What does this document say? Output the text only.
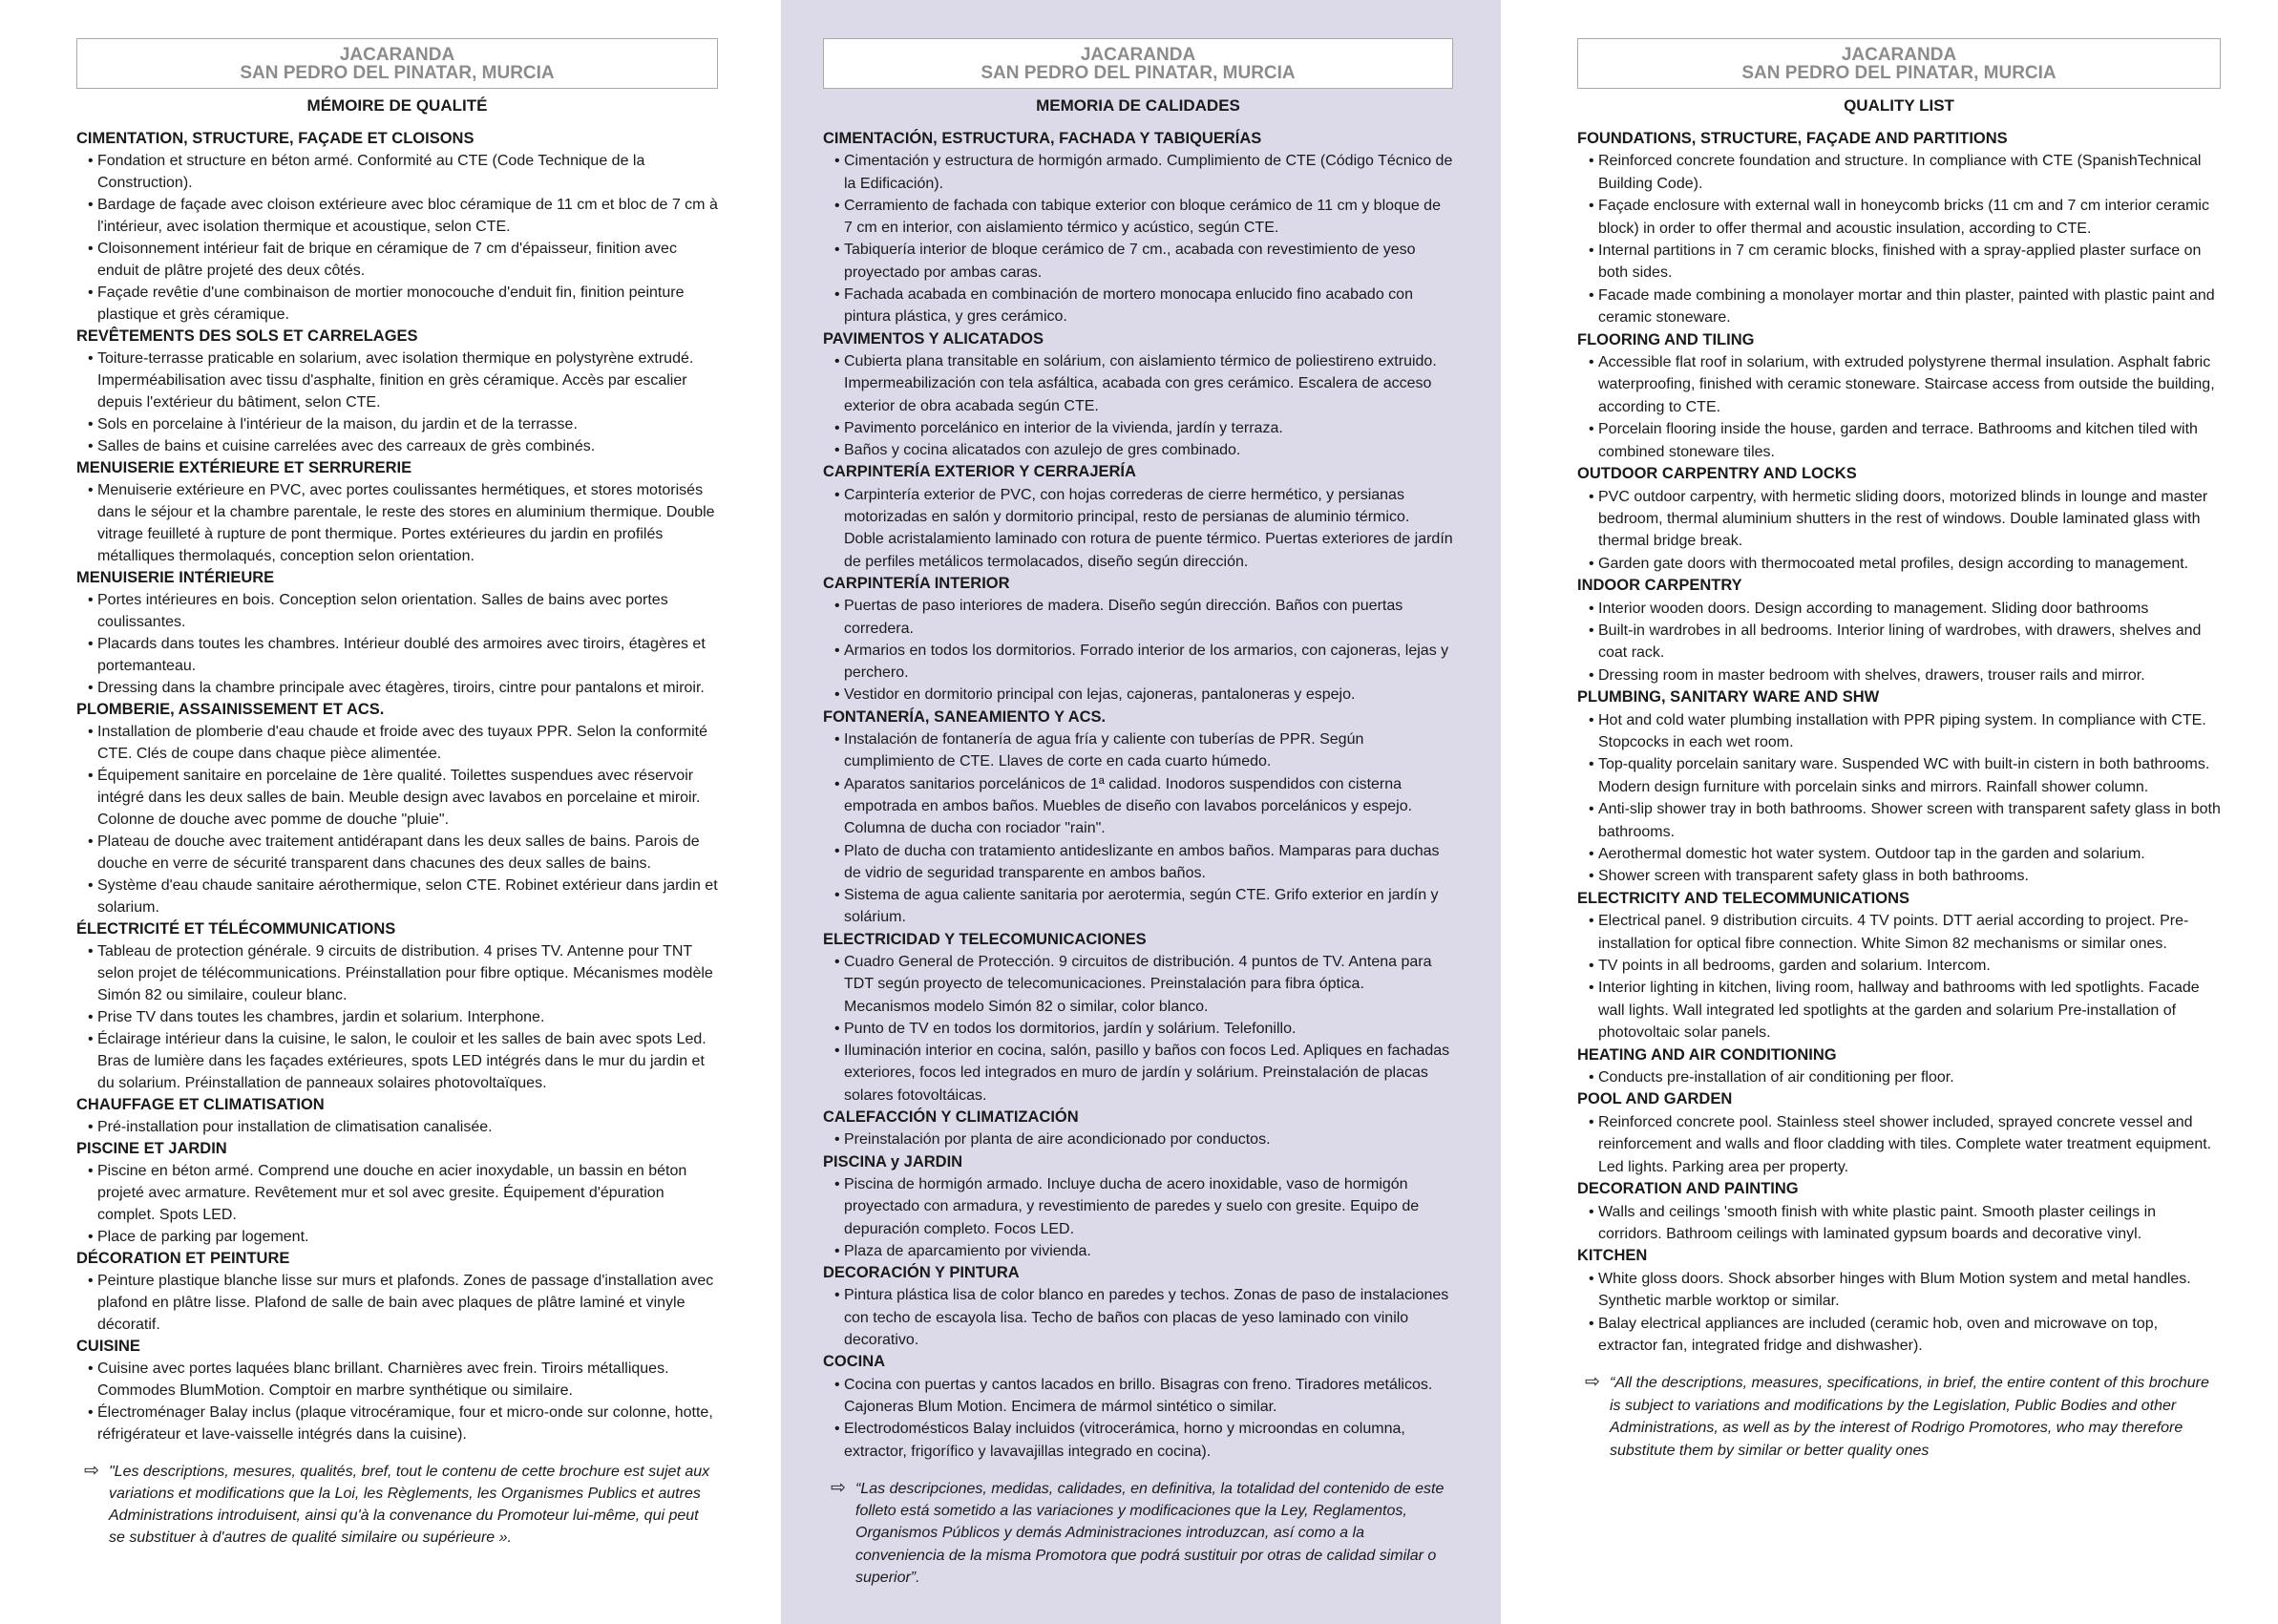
JACARANDA
SAN PEDRO DEL PINATAR, MURCIA
MÉMOIRE DE QUALITÉ
CIMENTATION, STRUCTURE, FAÇADE ET CLOISONS
• Fondation et structure en béton armé. Conformité au CTE (Code Technique de la Construction).
• Bardage de façade avec cloison extérieure avec bloc céramique de 11 cm et bloc de 7 cm à l'intérieur, avec isolation thermique et acoustique, selon CTE.
• Cloisonnement intérieur fait de brique en céramique de 7 cm d'épaisseur, finition avec enduit de plâtre projeté des deux côtés.
• Façade revêtie d'une combinaison de mortier monocouche d'enduit fin, finition peinture plastique et grès céramique.
REVÊTEMENTS DES SOLS ET CARRELAGES
• Toiture-terrasse praticable en solarium, avec isolation thermique en polystyrène extrudé. Imperméabilisation avec tissu d'asphalte, finition en grès céramique. Accès par escalier depuis l'extérieur du bâtiment, selon CTE.
• Sols en porcelaine à l'intérieur de la maison, du jardin et de la terrasse.
• Salles de bains et cuisine carrelées avec des carreaux de grès combinés.
MENUISERIE EXTÉRIEURE ET SERRURERIE
• Menuiserie extérieure en PVC, avec portes coulissantes hermétiques, et stores motorisés dans le séjour et la chambre parentale, le reste des stores en aluminium thermique. Double vitrage feuilleté à rupture de pont thermique. Portes extérieures du jardin en profilés métalliques thermolaqués, conception selon orientation.
MENUISERIE INTÉRIEURE
• Portes intérieures en bois. Conception selon orientation. Salles de bains avec portes coulissantes.
• Placards dans toutes les chambres. Intérieur doublé des armoires avec tiroirs, étagères et portemanteau.
• Dressing dans la chambre principale avec étagères, tiroirs, cintre pour pantalons et miroir.
PLOMBERIE, ASSAINISSEMENT ET ACS.
• Installation de plomberie d'eau chaude et froide avec des tuyaux PPR. Selon la conformité CTE. Clés de coupe dans chaque pièce alimentée.
• Équipement sanitaire en porcelaine de 1ère qualité. Toilettes suspendues avec réservoir intégré dans les deux salles de bain. Meuble design avec lavabos en porcelaine et miroir. Colonne de douche avec pomme de douche "pluie".
• Plateau de douche avec traitement antidérapant dans les deux salles de bains. Parois de douche en verre de sécurité transparent dans chacunes des deux salles de bains.
• Système d'eau chaude sanitaire aérothermique, selon CTE. Robinet extérieur dans jardin et solarium.
ÉLECTRICITÉ ET TÉLÉCOMMUNICATIONS
• Tableau de protection générale. 9 circuits de distribution. 4 prises TV. Antenne pour TNT selon projet de télécommunications. Préinstallation pour fibre optique. Mécanismes modèle Simón 82 ou similaire, couleur blanc.
• Prise TV dans toutes les chambres, jardin et solarium. Interphone.
• Éclairage intérieur dans la cuisine, le salon, le couloir et les salles de bain avec spots Led. Bras de lumière dans les façades extérieures, spots LED intégrés dans le mur du jardin et du solarium. Préinstallation de panneaux solaires photovoltaïques.
CHAUFFAGE ET CLIMATISATION
• Pré-installation pour installation de climatisation canalisée.
PISCINE ET JARDIN
• Piscine en béton armé. Comprend une douche en acier inoxydable, un bassin en béton projeté avec armature. Revêtement mur et sol avec gresite. Équipement d'épuration complet. Spots LED.
• Place de parking par logement.
DÉCORATION ET PEINTURE
• Peinture plastique blanche lisse sur murs et plafonds. Zones de passage d'installation avec plafond en plâtre lisse. Plafond de salle de bain avec plaques de plâtre laminé et vinyle décoratif.
CUISINE
• Cuisine avec portes laquées blanc brillant. Charnières avec frein. Tiroirs métalliques. Commodes BlumMotion. Comptoir en marbre synthétique ou similaire.
• Électroménager Balay inclus (plaque vitrocéramique, four et micro-onde sur colonne, hotte, réfrigérateur et lave-vaisselle intégrés dans la cuisine).
⇨ "Les descriptions, mesures, qualités, bref, tout le contenu de cette brochure est sujet aux variations et modifications que la Loi, les Règlements, les Organismes Publics et autres Administrations introduisent, ainsi qu'à la convenance du Promoteur lui-même, qui peut se substituer à d'autres de qualité similaire ou supérieure ».
JACARANDA
SAN PEDRO DEL PINATAR, MURCIA
MEMORIA DE CALIDADES
CIMENTACIÓN, ESTRUCTURA, FACHADA Y TABIQUERÍAS
• Cimentación y estructura de hormigón armado. Cumplimiento de CTE (Código Técnico de la Edificación).
• Cerramiento de fachada con tabique exterior con bloque cerámico de 11 cm y bloque de 7 cm en interior, con aislamiento térmico y acústico, según CTE.
• Tabiquería interior de bloque cerámico de 7 cm., acabada con revestimiento de yeso proyectado por ambas caras.
• Fachada acabada en combinación de mortero monocapa enlucido fino acabado con pintura plástica, y gres cerámico.
PAVIMENTOS Y ALICATADOS
• Cubierta plana transitable en solárium, con aislamiento térmico de poliestireno extruido. Impermeabilización con tela asfáltica, acabada con gres cerámico. Escalera de acceso exterior de obra acabada según CTE.
• Pavimento porcelánico en interior de la vivienda, jardín y terraza.
• Baños y cocina alicatados con azulejo de gres combinado.
CARPINTERÍA EXTERIOR Y CERRAJERÍA
• Carpintería exterior de PVC, con hojas correderas de cierre hermético, y persianas motorizadas en salón y dormitorio principal, resto de persianas de aluminio térmico. Doble acristalamiento laminado con rotura de puente térmico. Puertas exteriores de jardín de perfiles metálicos termolacados, diseño según dirección.
CARPINTERÍA INTERIOR
• Puertas de paso interiores de madera. Diseño según dirección. Baños con puertas corredera.
• Armarios en todos los dormitorios. Forrado interior de los armarios, con cajoneras, lejas y perchero.
• Vestidor en dormitorio principal con lejas, cajoneras, pantaloneras y espejo.
FONTANERÍA, SANEAMIENTO Y ACS.
• Instalación de fontanería de agua fría y caliente con tuberías de PPR. Según cumplimiento de CTE. Llaves de corte en cada cuarto húmedo.
• Aparatos sanitarios porcelánicos de 1ª calidad. Inodoros suspendidos con cisterna empotrada en ambos baños. Muebles de diseño con lavabos porcelánicos y espejo. Columna de ducha con rociador "rain".
• Plato de ducha con tratamiento antideslizante en ambos baños. Mamparas para duchas de vidrio de seguridad transparente en ambos baños.
• Sistema de agua caliente sanitaria por aerotermia, según CTE. Grifo exterior en jardín y solárium.
ELECTRICIDAD Y TELECOMUNICACIONES
• Cuadro General de Protección. 9 circuitos de distribución. 4 puntos de TV. Antena para TDT según proyecto de telecomunicaciones. Preinstalación para fibra óptica. Mecanismos modelo Simón 82 o similar, color blanco.
• Punto de TV en todos los dormitorios, jardín y solárium. Telefonillo.
• Iluminación interior en cocina, salón, pasillo y baños con focos Led. Apliques en fachadas exteriores, focos led integrados en muro de jardín y solárium. Preinstalación de placas solares fotovoltáicas.
CALEFACCIÓN Y CLIMATIZACIÓN
• Preinstalación por planta de aire acondicionado por conductos.
PISCINA y JARDIN
• Piscina de hormigón armado. Incluye ducha de acero inoxidable, vaso de hormigón proyectado con armadura, y revestimiento de paredes y suelo con gresite. Equipo de depuración completo. Focos LED.
• Plaza de aparcamiento por vivienda.
DECORACIÓN Y PINTURA
• Pintura plástica lisa de color blanco en paredes y techos. Zonas de paso de instalaciones con techo de escayola lisa. Techo de baños con placas de yeso laminado con vinilo decorativo.
COCINA
• Cocina con puertas y cantos lacados en brillo. Bisagras con freno. Tiradores metálicos. Cajoneras Blum Motion. Encimera de mármol sintético o similar.
• Electrodomésticos Balay incluidos (vitrocerámica, horno y microondas en columna, extractor, frigorífico y lavavajillas integrado en cocina).
⇨ “Las descripciones, medidas, calidades, en definitiva, la totalidad del contenido de este folleto está sometido a las variaciones y modificaciones que la Ley, Reglamentos, Organismos Públicos y demás Administraciones introduzcan, así como a la conveniencia de la misma Promotora que podrá sustituir por otras de calidad similar o superior”.
JACARANDA
SAN PEDRO DEL PINATAR, MURCIA
QUALITY LIST
FOUNDATIONS, STRUCTURE, FAÇADE AND PARTITIONS
• Reinforced concrete foundation and structure. In compliance with CTE (SpanishTechnical Building Code).
• Façade enclosure with external wall in honeycomb bricks (11 cm and 7 cm interior ceramic block) in order to offer thermal and acoustic insulation, according to CTE.
• Internal partitions in 7 cm ceramic blocks, finished with a spray-applied plaster surface on both sides.
• Facade made combining a monolayer mortar and thin plaster, painted with plastic paint and ceramic stoneware.
FLOORING AND TILING
• Accessible flat roof in solarium, with extruded polystyrene thermal insulation. Asphalt fabric waterproofing, finished with ceramic stoneware. Staircase access from outside the building, according to CTE.
• Porcelain flooring inside the house, garden and terrace. Bathrooms and kitchen tiled with combined stoneware tiles.
OUTDOOR CARPENTRY AND LOCKS
• PVC outdoor carpentry, with hermetic sliding doors, motorized blinds in lounge and master bedroom, thermal aluminium shutters in the rest of windows. Double laminated glass with thermal bridge break.
• Garden gate doors with thermocoated metal profiles, design according to management.
INDOOR CARPENTRY
• Interior wooden doors. Design according to management. Sliding door bathrooms
• Built-in wardrobes in all bedrooms. Interior lining of wardrobes, with drawers, shelves and coat rack.
• Dressing room in master bedroom with shelves, drawers, trouser rails and mirror.
PLUMBING, SANITARY WARE AND SHW
• Hot and cold water plumbing installation with PPR piping system. In compliance with CTE. Stopcocks in each wet room.
• Top-quality porcelain sanitary ware. Suspended WC with built-in cistern in both bathrooms. Modern design furniture with porcelain sinks and mirrors. Rainfall shower column.
• Anti-slip shower tray in both bathrooms. Shower screen with transparent safety glass in both bathrooms.
• Aerothermal domestic hot water system. Outdoor tap in the garden and solarium.
• Shower screen with transparent safety glass in both bathrooms.
ELECTRICITY AND TELECOMMUNICATIONS
• Electrical panel. 9 distribution circuits. 4 TV points. DTT aerial according to project. Pre-installation for optical fibre connection. White Simon 82 mechanisms or similar ones.
• TV points in all bedrooms, garden and solarium. Intercom.
• Interior lighting in kitchen, living room, hallway and bathrooms with led spotlights. Facade wall lights. Wall integrated led spotlights at the garden and solarium Pre-installation of photovoltaic solar panels.
HEATING AND AIR CONDITIONING
• Conducts pre-installation of air conditioning per floor.
POOL AND GARDEN
• Reinforced concrete pool. Stainless steel shower included, sprayed concrete vessel and reinforcement and walls and floor cladding with tiles. Complete water treatment equipment. Led lights. Parking area per property.
DECORATION AND PAINTING
• Walls and ceilings 'smooth finish with white plastic paint. Smooth plaster ceilings in corridors. Bathroom ceilings with laminated gypsum boards and decorative vinyl.
KITCHEN
• White gloss doors. Shock absorber hinges with Blum Motion system and metal handles. Synthetic marble worktop or similar.
• Balay electrical appliances are included (ceramic hob, oven and microwave on top, extractor fan, integrated fridge and dishwasher).
⇨ “All the descriptions, measures, specifications, in brief, the entire content of this brochure is subject to variations and modifications by the Legislation, Public Bodies and other Administrations, as well as by the interest of Rodrigo Promotores, who may therefore substitute them by similar or better quality ones
